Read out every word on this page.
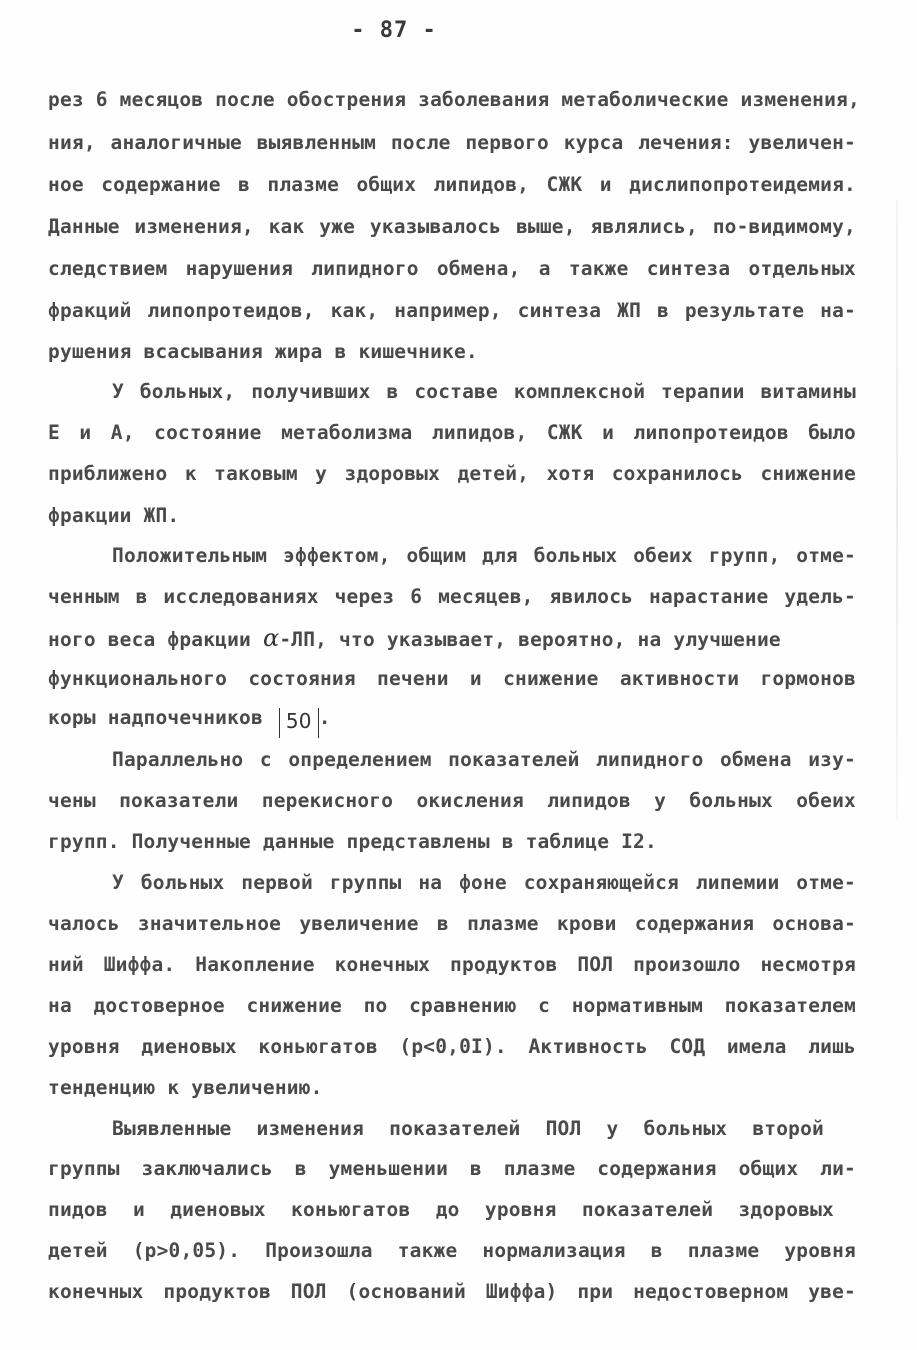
- 87 -
рез 6 месяцов после обострения заболевания метаболические изменения,
ния, аналогичные выявленным после первого курса лечения: увеличен-
ное содержание в плазме общих липидов, СЖК и дислипопротеидемия.
Данные изменения, как уже указывалось выше, являлись, по-видимому,
следствием нарушения липидного обмена, а также синтеза отдельных
фракций липопротеидов, как, например, синтеза ЖП в результате на-
рушения всасывания жира в кишечнике.
У больных, получивших в составе комплексной терапии витамины
Е и А, состояние метаболизма липидов, СЖК и липопротеидов было
приближено к таковым у здоровых детей, хотя сохранилось снижение
фракции ЖП.
Положительным эффектом, общим для больных обеих групп, отме-
ченным в исследованиях через 6 месяцев, явилось нарастание удель-
ного веса фракции α-ЛП, что указывает, вероятно, на улучшение
функционального состояния печени и снижение активности гормонов
коры надпочечников 50 .
Параллельно с определением показателей липидного обмена изу-
чены показатели перекисного окисления липидов у больных обеих
групп. Полученные данные представлены в таблице I2.
У больных первой группы на фоне сохраняющейся липемии отме-
чалось значительное увеличение в плазме крови содержания основа-
ний Шиффа. Накопление конечных продуктов ПОЛ произошло несмотря
на достоверное снижение по сравнению с нормативным показателем
уровня диеновых коньюгатов (р<0,0I). Активность СОД имела лишь
тенденцию к увеличению.
Выявленные изменения показателей ПОЛ у больных второй
группы заключались в уменьшении в плазме содержания общих ли-
пидов и диеновых коньюгатов до уровня показателей здоровых
детей (р>0,05). Произошла также нормализация в плазме уровня
конечных продуктов ПОЛ (оснований Шиффа) при недостоверном уве-
